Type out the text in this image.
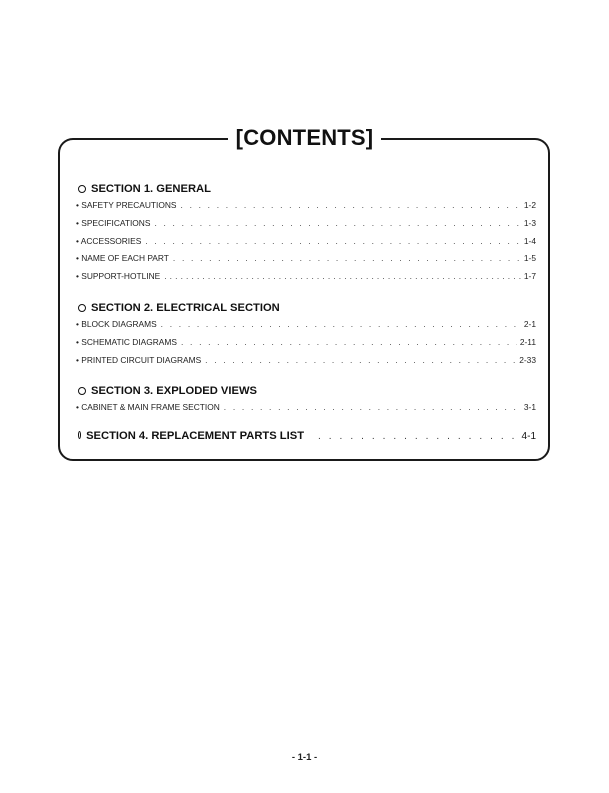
[CONTENTS]
SECTION 1. GENERAL
• SAFETY PRECAUTIONS . . .	1-2
• SPECIFICATIONS . . .	1-3
• ACCESSORIES . . .	1-4
• NAME OF EACH PART . . .	1-5
• SUPPORT-HOTLINE . . .	1-7
SECTION 2. ELECTRICAL SECTION
• BLOCK DIAGRAMS . . .	2-1
• SCHEMATIC DIAGRAMS . . .	2-11
• PRINTED CIRCUIT DIAGRAMS . . .	2-33
SECTION 3. EXPLODED VIEWS
• CABINET & MAIN FRAME SECTION . . .	3-1
SECTION 4. REPLACEMENT PARTS LIST . . .	4-1
- 1-1 -
